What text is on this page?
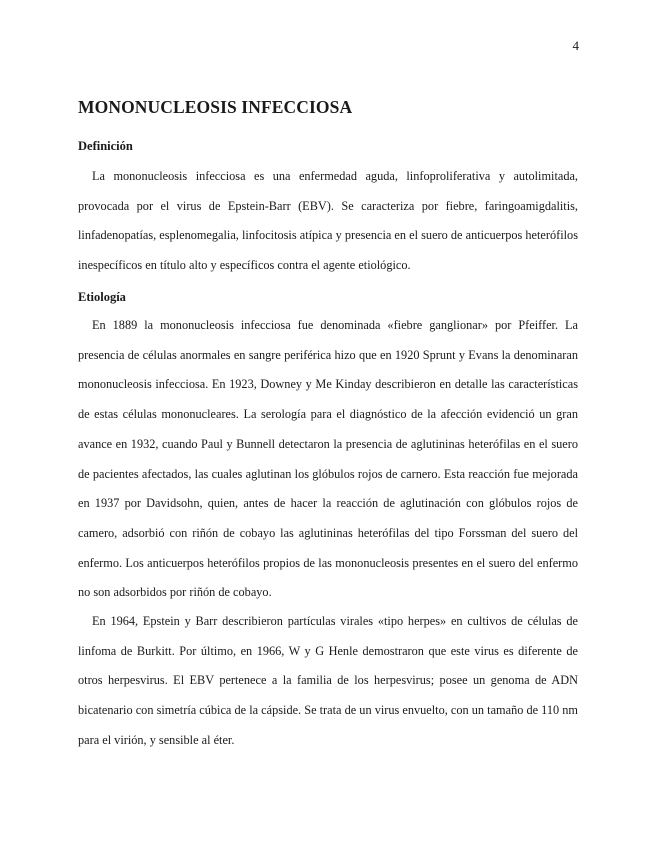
4
MONONUCLEOSIS INFECCIOSA
Definición

La mononucleosis infecciosa es una enfermedad aguda, linfoproliferativa y autolimitada, provocada por el virus de Epstein-Barr (EBV). Se caracteriza por fiebre, faringoamigdalitis, linfadenopatías, esplenomegalia, linfocitosis atípica y presencia en el suero de anticuerpos heterófilos inespecíficos en título alto y específicos contra el agente etiológico.

Etiología

En 1889 la mononucleosis infecciosa fue denominada «fiebre ganglionar» por Pfeiffer. La presencia de células anormales en sangre periférica hizo que en 1920 Sprunt y Evans la denominaran mononucleosis infecciosa. En 1923, Downey y Me Kinday describieron en detalle las características de estas células mononucleares. La serología para el diagnóstico de la afección evidenció un gran avance en 1932, cuando Paul y Bunnell detectaron la presencia de aglutininas heterófilas en el suero de pacientes afectados, las cuales aglutinan los glóbulos rojos de carnero. Esta reacción fue mejorada en 1937 por Davidsohn, quien, antes de hacer la reacción de aglutinación con glóbulos rojos de camero, adsorbió con riñón de cobayo las aglutininas heterófilas del tipo Forssman del suero del enfermo. Los anticuerpos heterófilos propios de las mononucleosis presentes en el suero del enfermo no son adsorbidos por riñón de cobayo.

En 1964, Epstein y Barr describieron partículas virales «tipo herpes» en cultivos de células de linfoma de Burkitt. Por último, en 1966, W y G Henle demostraron que este virus es diferente de otros herpesvirus. El EBV pertenece a la familia de los herpesvirus; posee un genoma de ADN bicatenario con simetría cúbica de la cápside. Se trata de un virus envuelto, con un tamaño de 110 nm para el virión, y sensible al éter.
